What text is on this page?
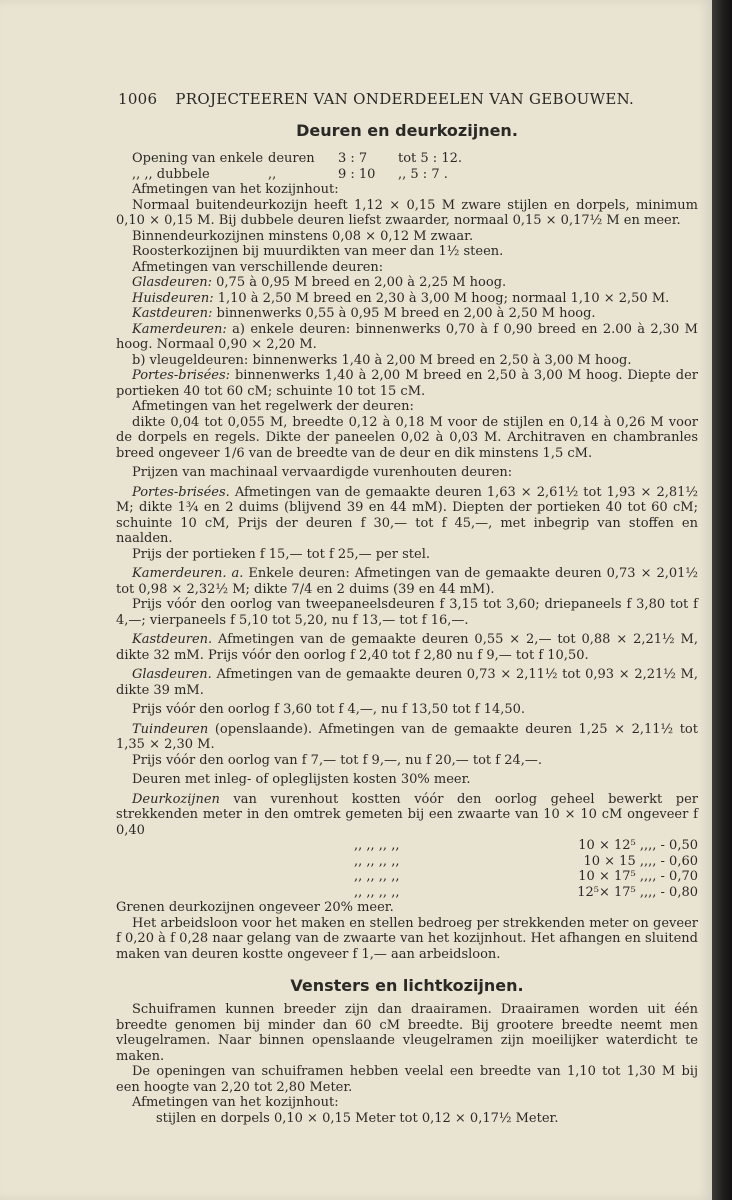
1006 PROJECTEEREN VAN ONDERDEELEN VAN GEBOUWEN.
Deuren en deurkozijnen.
Opening van enkele deuren	3 : 7	tot 5 : 12.
,, ,, dubbele	,,	9 : 10	,, 5 : 7 .

Afmetingen van het kozijnhout:

Normaal buitendeurkozijn heeft 1,12 × 0,15 M zware stijlen en dorpels, minimum 0,10 × 0,15 M. Bij dubbele deuren liefst zwaarder, normaal 0,15 × 0,17½ M en meer.

Binnendeurkozijnen minstens 0,08 × 0,12 M zwaar.

Roosterkozijnen bij muurdikten van meer dan 1½ steen.

Afmetingen van verschillende deuren:

Glasdeuren: 0,75 à 0,95 M breed en 2,00 à 2,25 M hoog.

Huisdeuren: 1,10 à 2,50 M breed en 2,30 à 3,00 M hoog; normaal 1,10 × 2,50 M.

Kastdeuren: binnenwerks 0,55 à 0,95 M breed en 2,00 à 2,50 M hoog.

Kamerdeuren: a) enkele deuren: binnenwerks 0,70 à f 0,90 breed en 2.00 à 2,30 M hoog. Normaal 0,90 × 2,20 M.

b) vleugeldeuren: binnenwerks 1,40 à 2,00 M breed en 2,50 à 3,00 M hoog.

Portes-brisées: binnenwerks 1,40 à 2,00 M breed en 2,50 à 3,00 M hoog. Diepte der portieken 40 tot 60 cM; schuinte 10 tot 15 cM.

Afmetingen van het regelwerk der deuren:

dikte 0,04 tot 0,055 M, breedte 0,12 à 0,18 M voor de stijlen en 0,14 à 0,26 M voor de dorpels en regels. Dikte der paneelen 0,02 à 0,03 M. Architraven en chambranles breed ongeveer 1/6 van de breedte van de deur en dik minstens 1,5 cM.

Prijzen van machinaal vervaardigde vurenhouten deuren:

Portes-brisées. Afmetingen van de gemaakte deuren 1,63 × 2,61½ tot 1,93 × 2,81½ M; dikte 1¾ en 2 duims (blijvend 39 en 44 mM). Diepten der portieken 40 tot 60 cM; schuinte 10 cM, Prijs der deuren f 30,— tot f 45,—, met inbegrip van stoffen en naalden.

Prijs der portieken f 15,— tot f 25,— per stel.

Kamerdeuren. a. Enkele deuren: Afmetingen van de gemaakte deuren 0,73 × 2,01½ tot 0,98 × 2,32½ M; dikte 7/4 en 2 duims (39 en 44 mM).

Prijs vóór den oorlog van tweepaneelsdeuren f 3,15 tot 3,60; driepaneels f 3,80 tot f 4,—; vierpaneels f 5,10 tot 5,20, nu f 13,— tot f 16,—.

Kastdeuren. Afmetingen van de gemaakte deuren 0,55 × 2,— tot 0,88 × 2,21½ M, dikte 32 mM. Prijs vóór den oorlog f 2,40 tot f 2,80 nu f 9,— tot f 10,50.

Glasdeuren. Afmetingen van de gemaakte deuren 0,73 × 2,11½ tot 0,93 × 2,21½ M, dikte 39 mM.

Prijs vóór den oorlog f 3,60 tot f 4,—, nu f 13,50 tot f 14,50.

Tuindeuren (openslaande). Afmetingen van de gemaakte deuren 1,25 × 2,11½ tot 1,35 × 2,30 M.

Prijs vóór den oorlog van f 7,— tot f 9,—, nu f 20,— tot f 24,—.

Deuren met inleg- of opleglijsten kosten 30% meer.

Deurkozijnen van vurenhout kostten vóór den oorlog geheel bewerkt per strekkenden meter in den omtrek gemeten bij een zwaarte van 10 × 10 cM ongeveer f 0,40

,, ,, ,, ,,	10 × 12⁵ ,, ,, - 0,50
,, ,, ,, ,,	10 × 15 ,, ,, - 0,60
,, ,, ,, ,,	10 × 17⁵ ,, ,, - 0,70
,, ,, ,, ,,	12⁵× 17⁵ ,, ,, - 0,80

Grenen deurkozijnen ongeveer 20% meer.

Het arbeidsloon voor het maken en stellen bedroeg per strekkenden meter on geveer f 0,20 à f 0,28 naar gelang van de zwaarte van het kozijnhout. Het afhangen en sluitend maken van deuren kostte ongeveer f 1,— aan arbeidsloon.

Vensters en lichtkozijnen.

Schuiframen kunnen breeder zijn dan draairamen. Draairamen worden uit één breedte genomen bij minder dan 60 cM breedte. Bij grootere breedte neemt men vleugelramen. Naar binnen openslaande vleugelramen zijn moeilijker waterdicht te maken.

De openingen van schuiframen hebben veelal een breedte van 1,10 tot 1,30 M bij een hoogte van 2,20 tot 2,80 Meter.

Afmetingen van het kozijnhout:

stijlen en dorpels 0,10 × 0,15 Meter tot 0,12 × 0,17½ Meter.
